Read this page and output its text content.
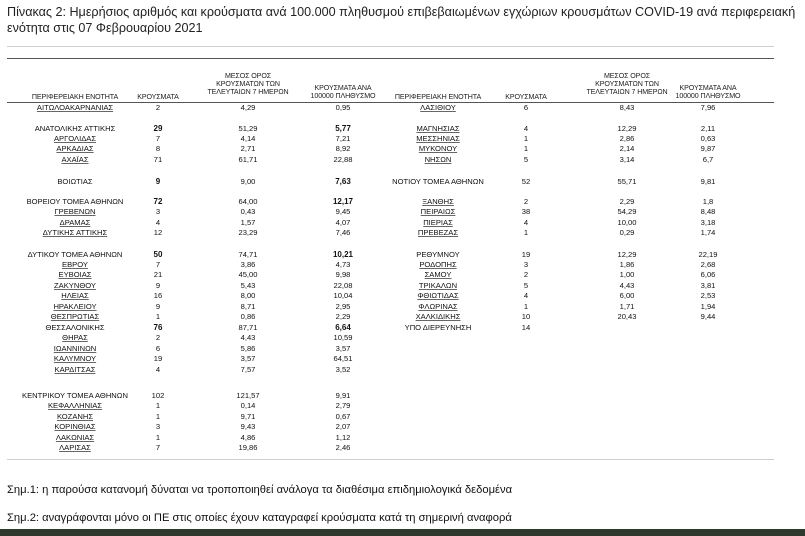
Πίνακας 2: Ημερήσιος αριθμός και κρούσματα ανά 100.000 πληθυσμού επιβεβαιωμένων εγχώριων κρουσμάτων COVID-19 ανά περιφερειακή
ενότητα στις 07 Φεβρουαρίου 2021
ΠΕΡΙΦΕΡΕΙΑΚΗ ΕΝΟΤΗΤΑ	ΚΡΟΥΣΜΑΤΑ
ΜΕΣΟΣ ΟΡΟΣ
ΚΡΟΥΣΜΑΤΩΝ ΤΩΝ
ΤΕΛΕΥΤΑΙΩΝ 7 ΗΜΕΡΩΝ	ΚΡΟΥΣΜΑΤΑ ΑΝΑ
100000 ΠΛΗΘΥΣΜΟ	ΠΕΡΙΦΕΡΕΙΑΚΗ ΕΝΟΤΗΤΑ	ΚΡΟΥΣΜΑΤΑ
ΜΕΣΟΣ ΟΡΟΣ
ΚΡΟΥΣΜΑΤΩΝ ΤΩΝ
ΤΕΛΕΥΤΑΙΩΝ 7 ΗΜΕΡΩΝ	ΚΡΟΥΣΜΑΤΑ ΑΝΑ
100000 ΠΛΗΘΥΣΜΟ
ΑΙΤΩΛΟΑΚΑΡΝΑΝΙΑΣ	2	4,29	0,95
ΑΝΑΤΟΛΙΚΗΣ ΑΤΤΙΚΗΣ	29	51,29	5,77
ΑΡΓΟΛΙΔΑΣ	7	4,14	7,21
ΑΡΚΑΔΙΑΣ	8	2,71	8,92
ΑΧΑΪΑΣ	71	61,71	22,88
ΒΟΙΩΤΙΑΣ	9	9,00	7,63
ΒΟΡΕΙΟΥ ΤΟΜΕΑ ΑΘΗΝΩΝ	72	64,00	12,17
ΓΡΕΒΕΝΩΝ	3	0,43	9,45
ΔΡΑΜΑΣ	4	1,57	4,07
ΔΥΤΙΚΗΣ ΑΤΤΙΚΗΣ	12	23,29	7,46
ΔΥΤΙΚΟΥ ΤΟΜΕΑ ΑΘΗΝΩΝ	50	74,71	10,21
ΕΒΡΟΥ	7	3,86	4,73
ΕΥΒΟΙΑΣ	21	45,00	9,98
ΖΑΚΥΝΘΟΥ	9	5,43	22,08
ΗΛΕΙΑΣ	16	8,00	10,04
ΗΡΑΚΛΕΙΟΥ	9	8,71	2,95
ΘΕΣΠΡΩΤΙΑΣ	1	0,86	2,29
ΘΕΣΣΑΛΟΝΙΚΗΣ	76	87,71	6,64
ΘΗΡΑΣ	2	4,43	10,59
ΙΩΑΝΝΙΝΩΝ	6	5,86	3,57
ΚΑΛΥΜΝΟΥ	19	3,57	64,51
ΚΑΡΔΙΤΣΑΣ	4	7,57	3,52
ΚΕΝΤΡΙΚΟΥ ΤΟΜΕΑ ΑΘΗΝΩΝ	102	121,57	9,91
ΚΕΦΑΛΛΗΝΙΑΣ	1	0,14	2,79
ΚΟΖΑΝΗΣ	1	9,71	0,67
ΚΟΡΙΝΘΙΑΣ	3	9,43	2,07
ΛΑΚΩΝΙΑΣ	1	4,86	1,12
ΛΑΡΙΣΑΣ	7	19,86	2,46
ΛΑΣΙΘΙΟΥ	6	8,43	7,96
ΜΑΓΝΗΣΙΑΣ	4	12,29	2,11
ΜΕΣΣΗΝΙΑΣ	1	2,86	0,63
ΜΥΚΟΝΟΥ	1	2,14	9,87
ΝΗΣΩΝ	5	3,14	6,7
ΝΟΤΙΟΥ ΤΟΜΕΑ ΑΘΗΝΩΝ	52	55,71	9,81
ΞΑΝΘΗΣ	2	2,29	1,8
ΠΕΙΡΑΙΩΣ	38	54,29	8,48
ΠΙΕΡΙΑΣ	4	10,00	3,18
ΠΡΕΒΕΖΑΣ	1	0,29	1,74
ΡΕΘΥΜΝΟΥ	19	12,29	22,19
ΡΟΔΟΠΗΣ	3	1,86	2,68
ΣΑΜΟΥ	2	1,00	6,06
ΤΡΙΚΑΛΩΝ	5	4,43	3,81
ΦΘΙΩΤΙΔΑΣ	4	6,00	2,53
ΦΛΩΡΙΝΑΣ	1	1,71	1,94
ΧΑΛΚΙΔΙΚΗΣ	10	20,43	9,44
ΥΠΟ ΔΙΕΡΕΥΝΗΣΗ	14
Σημ.1: η παρούσα κατανομή δύναται να τροποποιηθεί ανάλογα τα διαθέσιμα επιδημιολογικά δεδομένα
Σημ.2: αναγράφονται μόνο οι ΠΕ στις οποίες έχουν καταγραφεί κρούσματα κατά τη σημερινή αναφορά
